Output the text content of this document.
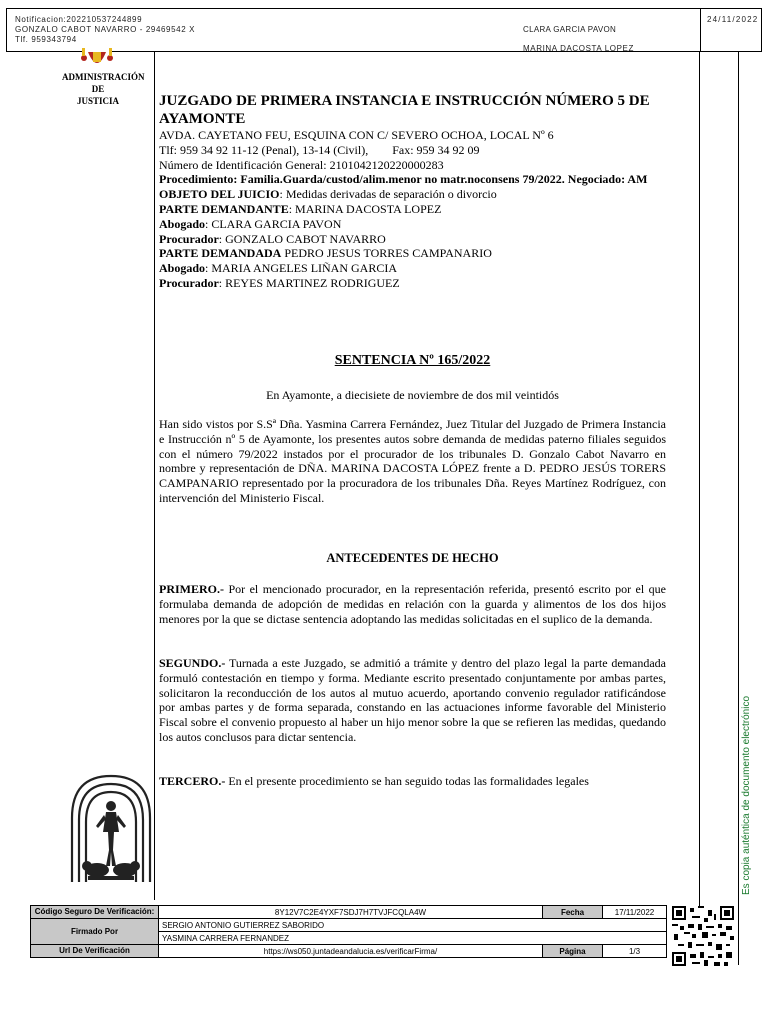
Notificacion:202210537244899
GONZALO CABOT NAVARRO - 29469542 X
Tlf. 959343794
CLARA GARCIA PAVON
MARINA DACOSTA LOPEZ
24/11/2022
ADMINISTRACIÓN
DE
JUSTICIA	JUZGADO DE PRIMERA INSTANCIA E INSTRUCCIÓN NÚMERO 5 DE AYAMONTE

AVDA. CAYETANO FEU, ESQUINA CON C/ SEVERO OCHOA, LOCAL Nº 6
Tlf: 959 34 92 11-12 (Penal), 13-14 (Civil),        Fax: 959 34 92 09
Número de Identificación General: 2101042120220000283
Procedimiento: Familia.Guarda/custod/alim.menor no matr.noconsens 79/2022. Negociado: AM
OBJETO DEL JUICIO: Medidas derivadas de separación o divorcio
PARTE DEMANDANTE: MARINA DACOSTA LOPEZ
Abogado: CLARA GARCIA PAVON
Procurador: GONZALO CABOT NAVARRO
PARTE DEMANDADA PEDRO JESUS TORRES CAMPANARIO
Abogado: MARIA ANGELES LIÑAN GARCIA
Procurador: REYES MARTINEZ RODRIGUEZ
SENTENCIA Nº 165/2022
En Ayamonte, a diecisiete de noviembre de dos mil veintidós
Han sido vistos por S.Sª Dña. Yasmina Carrera Fernández, Juez Titular del Juzgado de Primera Instancia e Instrucción nº 5 de Ayamonte, los presentes autos sobre demanda de medidas paterno filiales seguidos con el número 79/2022 instados por el procurador de los tribunales D. Gonzalo Cabot Navarro en nombre y representación de DÑA. MARINA DACOSTA LÓPEZ frente a D. PEDRO JESÚS TORERS CAMPANARIO representado por la procuradora de los tribunales Dña. Reyes Martínez Rodríguez, con intervención del Ministerio Fiscal.
ANTECEDENTES DE HECHO
PRIMERO.- Por el mencionado procurador, en la representación referida, presentó escrito por el que formulaba demanda de adopción de medidas en relación con la guarda y alimentos de los dos hijos menores por la que se dictase sentencia adoptando las medidas solicitadas en el suplico de la demanda.
SEGUNDO.- Turnada a este Juzgado, se admitió a trámite y dentro del plazo legal la parte demandada formuló contestación en tiempo y forma. Mediante escrito presentado conjuntamente por ambas partes, solicitaron la reconducción de los autos al mutuo acuerdo, aportando convenio regulador ratificándose por ambas partes y de forma separada, constando en las actuaciones informe favorable del Ministerio Fiscal sobre el convenio propuesto al haber un hijo menor sobre la que se refieren las medidas, quedando los autos conclusos para dictar sentencia.
TERCERO.- En el presente procedimiento se han seguido todas las formalidades legales	Es copia auténtica de documento electrónico
Código Seguro De Verificación:	8Y12V7C2E4YXF7SDJ7H7TVJFCQLA4W	Fecha	17/11/2022
Firmado Por	SERGIO ANTONIO GUTIERREZ SABORIDO		
	YASMINA CARRERA FERNANDEZ		
Url De Verificación	https://ws050.juntadeandalucia.es/verificarFirma/	Página	1/3
